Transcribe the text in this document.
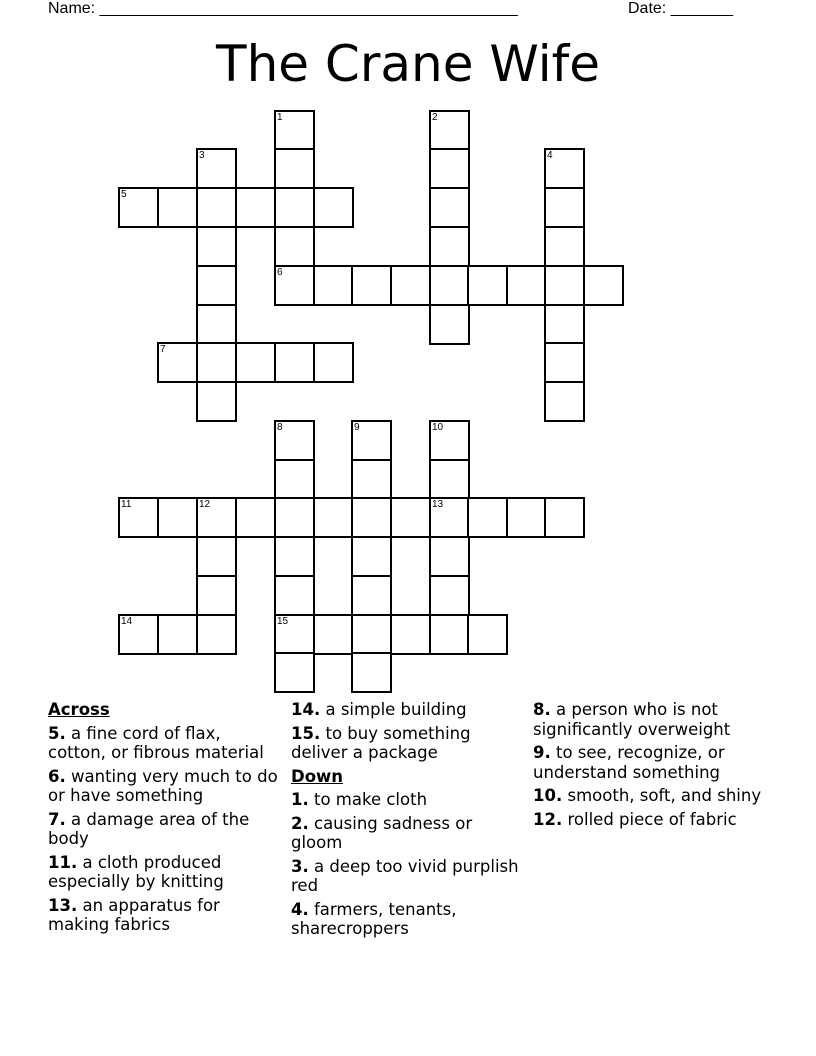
Name: _______________________________________________	Date: _______
The Crane Wife
1	2
3	4
5
6
7
8	9	10
11	12	13
14	15
Across
5. a fine cord of flax, cotton, or fibrous material
6. wanting very much to do or have something
7. a damage area of the body
11. a cloth produced especially by knitting
13. an apparatus for making fabrics
14. a simple building
15. to buy something deliver a package
Down
1. to make cloth
2. causing sadness or gloom
3. a deep too vivid purplish red
4. farmers, tenants, sharecroppers
8. a person who is not significantly overweight
9. to see, recognize, or understand something
10. smooth, soft, and shiny
12. rolled piece of fabric
